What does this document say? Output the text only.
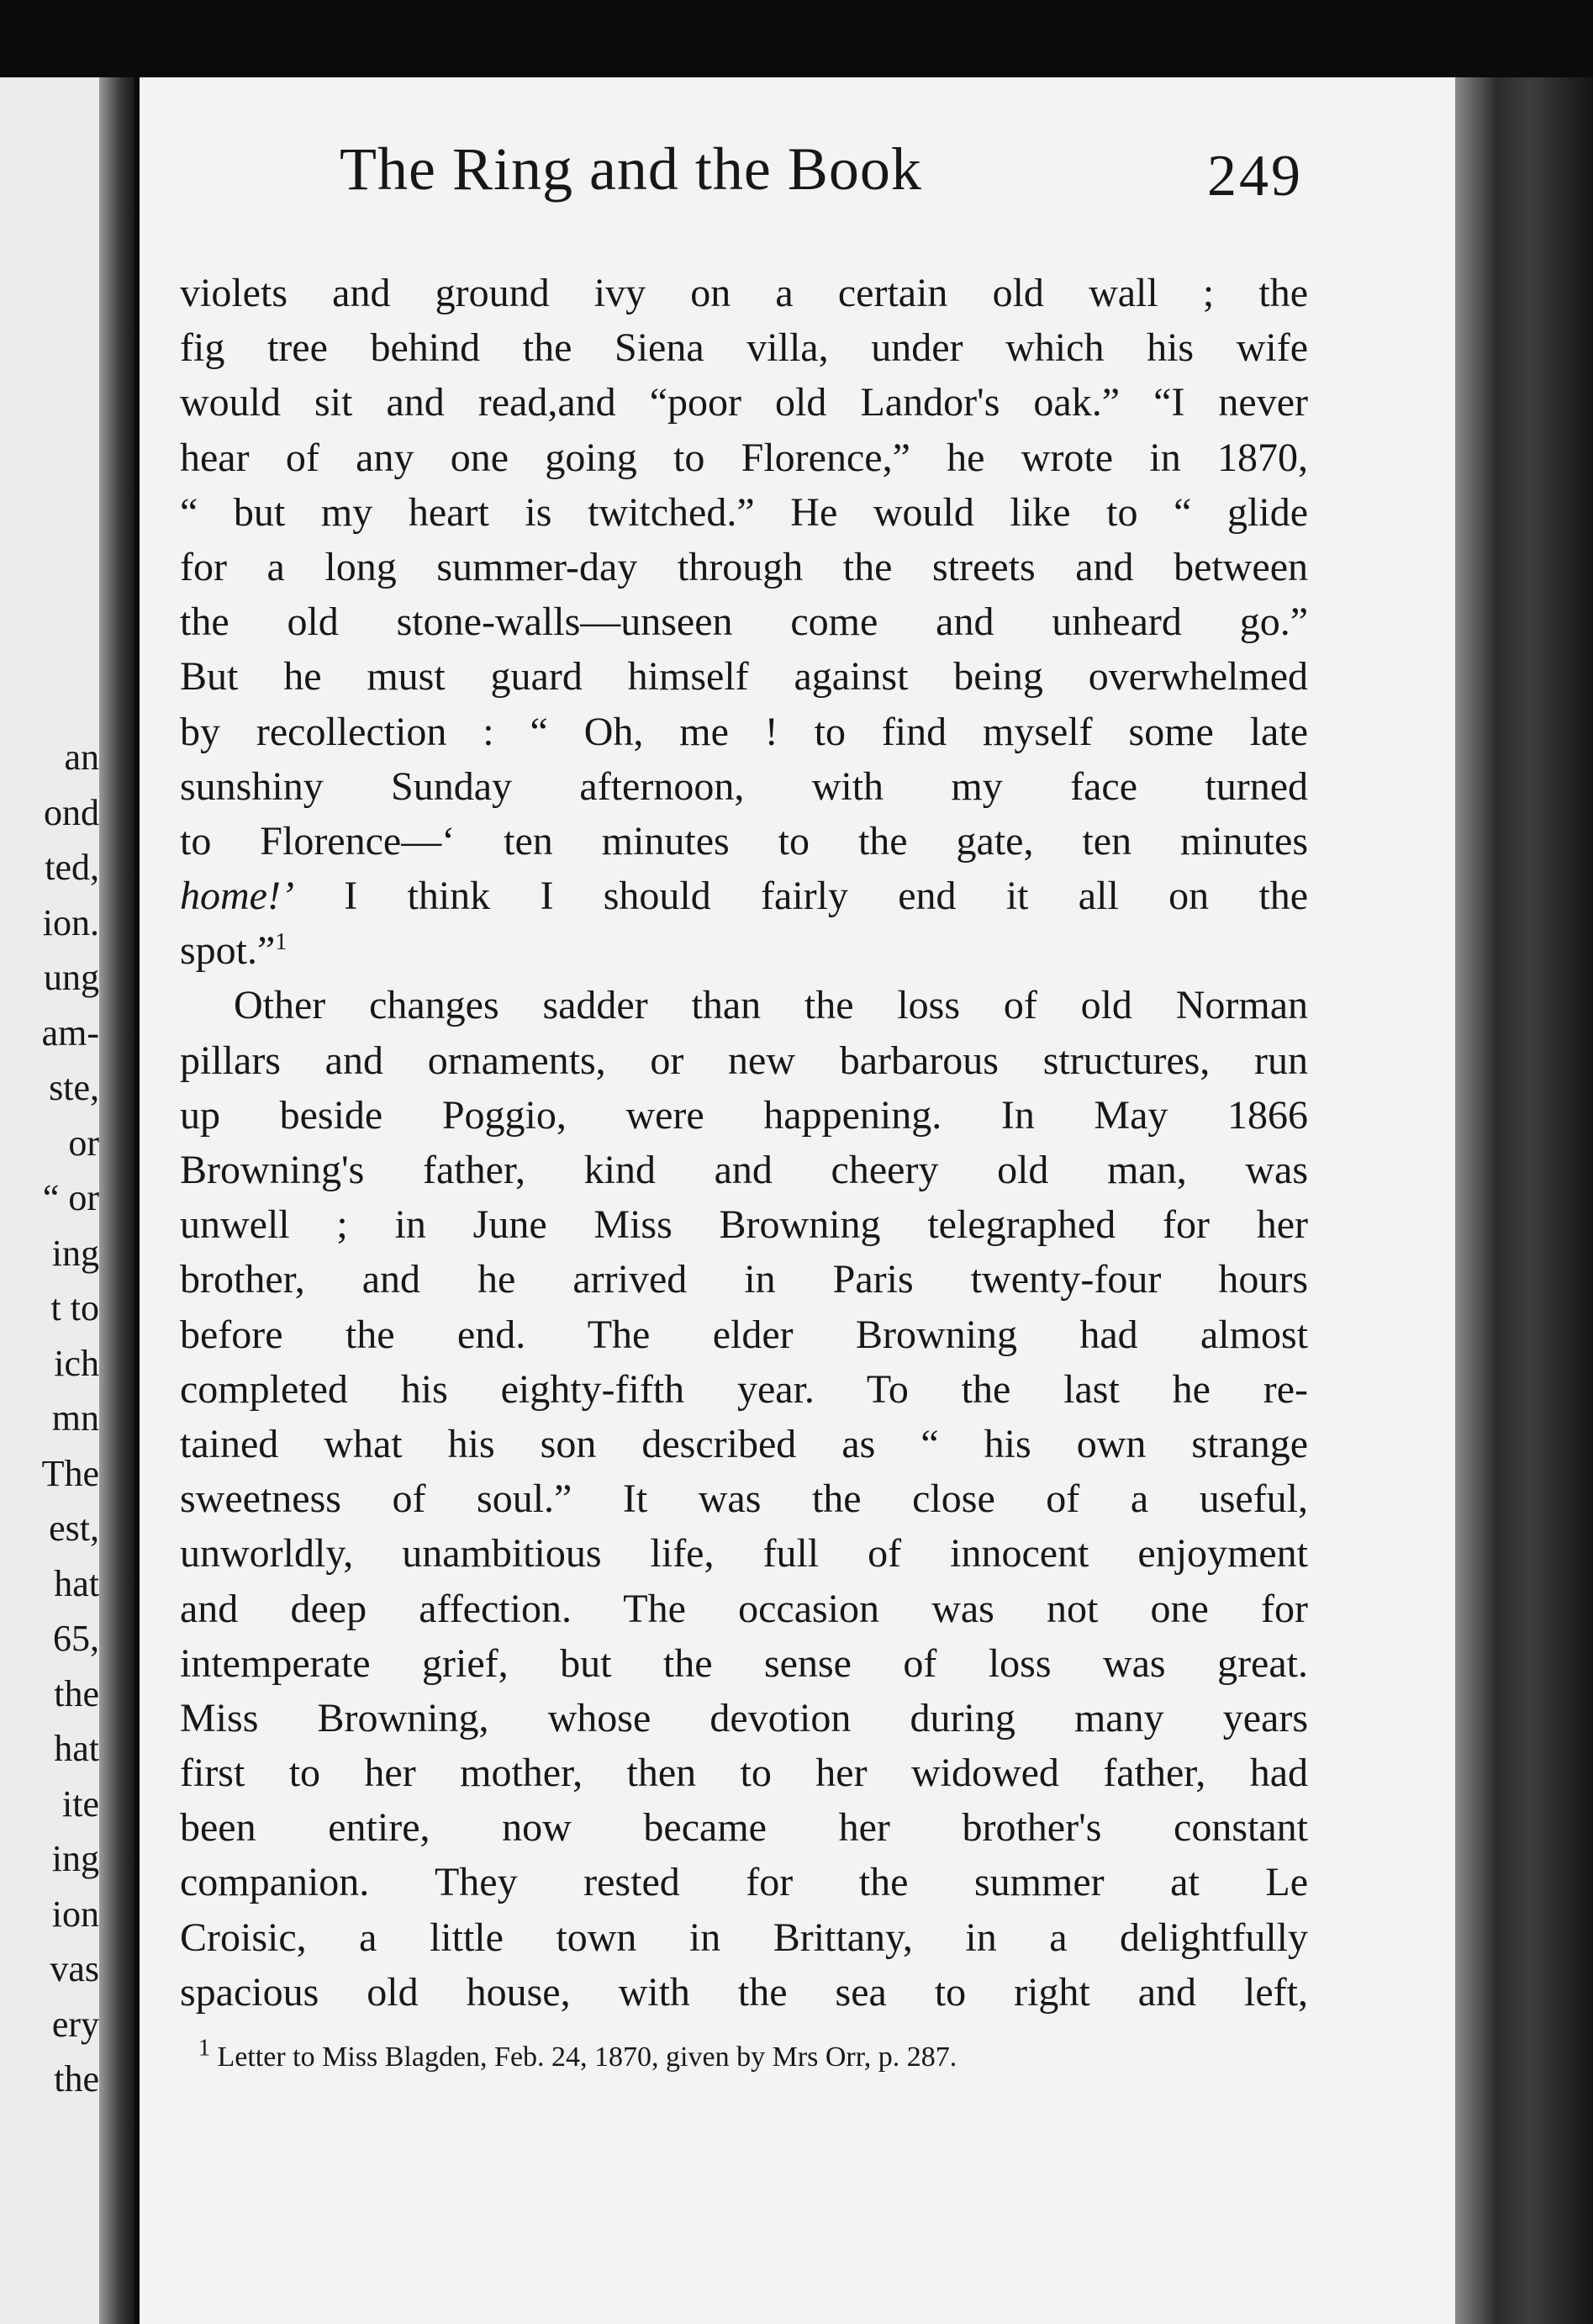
an
ond
ted,
ion.
ung
am-
ste,
or
“ or
ing
t to
ich
mn
The
est,
hat
65,
the
hat
ite
ing
ion
vas
ery
the
The Ring and the Book	249
violets and ground ivy on a certain old wall ; the
fig tree behind the Siena villa, under which his wife
would sit and read,and “poor old Landor's oak.” “I never
hear of any one going to Florence,” he wrote in 1870,
“ but my heart is twitched.” He would like to “ glide
for a long summer-day through the streets and between
the old stone-walls—unseen come and unheard go.”
But he must guard himself against being overwhelmed
by recollection : “ Oh, me ! to find myself some late
sunshiny Sunday afternoon, with my face turned
to Florence—‘ ten minutes to the gate, ten minutes
home!’ I think I should fairly end it all on the
spot.”$^1$
Other changes sadder than the loss of old Norman
pillars and ornaments, or new barbarous structures, run
up beside Poggio, were happening. In May 1866
Browning's father, kind and cheery old man, was
unwell ; in June Miss Browning telegraphed for her
brother, and he arrived in Paris twenty-four hours
before the end. The elder Browning had almost
completed his eighty-fifth year. To the last he re-
tained what his son described as “ his own strange
sweetness of soul.” It was the close of a useful,
unworldly, unambitious life, full of innocent enjoyment
and deep affection. The occasion was not one for
intemperate grief, but the sense of loss was great.
Miss Browning, whose devotion during many years
first to her mother, then to her widowed father, had
been entire, now became her brother's constant
companion. They rested for the summer at Le
Croisic, a little town in Brittany, in a delightfully
spacious old house, with the sea to right and left,
$^1$ Letter to Miss Blagden, Feb. 24, 1870, given by Mrs Orr, p. 287.
